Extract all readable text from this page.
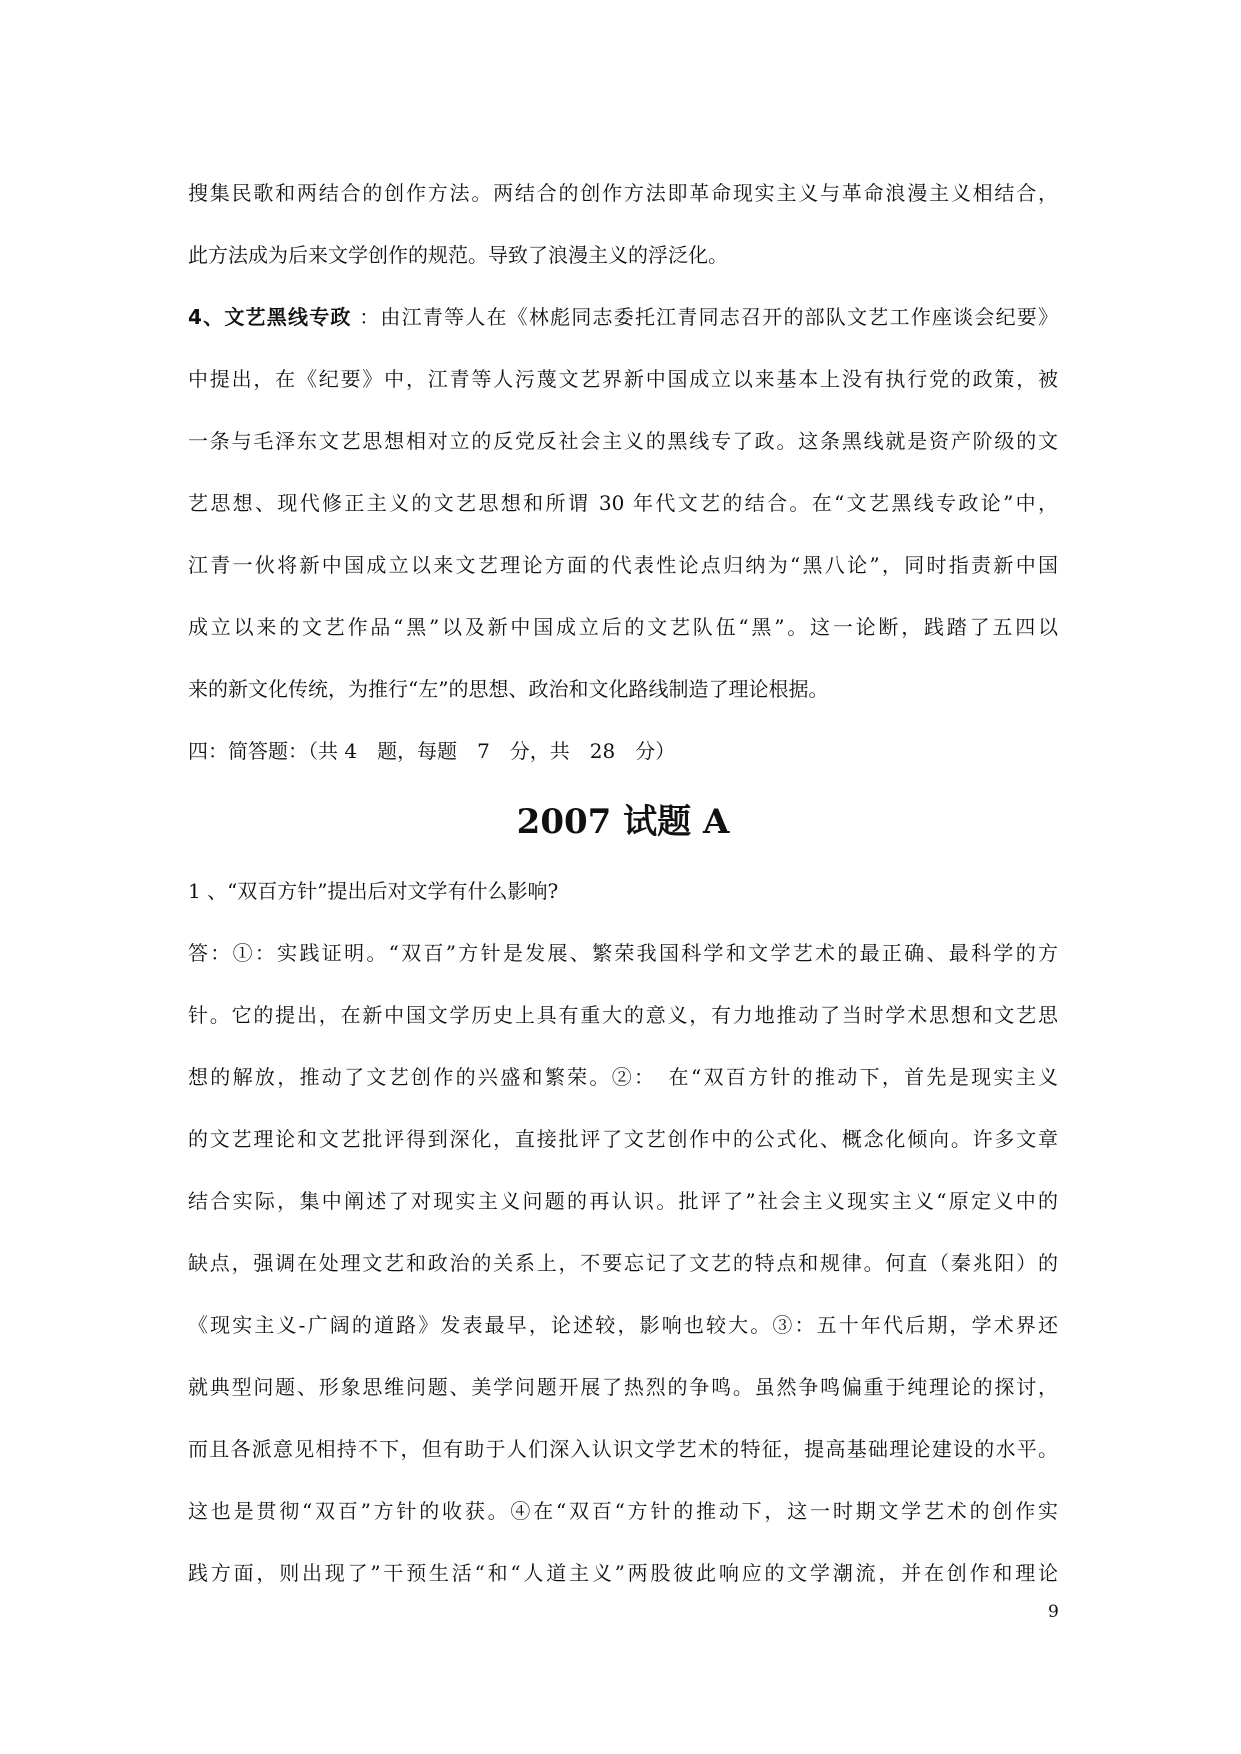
搜集民歌和两结合的创作方法。两结合的创作方法即革命现实主义与革命浪漫主义相结合，
此方法成为后来文学创作的规范。导致了浪漫主义的浮泛化。
4、文艺黑线专政 ：由江青等人在《林彪同志委托江青同志召开的部队文艺工作座谈会纪要》
中提出，在《纪要》中，江青等人污蔑文艺界新中国成立以来基本上没有执行党的政策，被
一条与毛泽东文艺思想相对立的反党反社会主义的黑线专了政。这条黑线就是资产阶级的文
艺思想、现代修正主义的文艺思想和所谓 30 年代文艺的结合。在“文艺黑线专政论”中，
江青一伙将新中国成立以来文艺理论方面的代表性论点归纳为“黑八论”，同时指责新中国
成立以来的文艺作品“黑”以及新中国成立后的文艺队伍“黑”。这一论断，践踏了五四以
来的新文化传统，为推行“左”的思想、政治和文化路线制造了理论根据。
四：简答题：（共 4　题，每题　7　分，共　28　分）
2007 试题 A
1 、“双百方针”提出后对文学有什么影响?
答：①：实践证明。“双百”方针是发展、繁荣我国科学和文学艺术的最正确、最科学的方
针。它的提出，在新中国文学历史上具有重大的意义，有力地推动了当时学术思想和文艺思
想的解放，推动了文艺创作的兴盛和繁荣。②：　在“双百方针的推动下，首先是现实主义
的文艺理论和文艺批评得到深化，直接批评了文艺创作中的公式化、概念化倾向。许多文章
结合实际，集中阐述了对现实主义问题的再认识。批评了”社会主义现实主义“原定义中的
缺点，强调在处理文艺和政治的关系上，不要忘记了文艺的特点和规律。何直（秦兆阳）的
《现实主义-广阔的道路》发表最早，论述较，影响也较大。③：五十年代后期，学术界还
就典型问题、形象思维问题、美学问题开展了热烈的争鸣。虽然争鸣偏重于纯理论的探讨，
而且各派意见相持不下，但有助于人们深入认识文学艺术的特征，提高基础理论建设的水平。
这也是贯彻“双百”方针的收获。④在“双百“方针的推动下，这一时期文学艺术的创作实
践方面，则出现了”干预生活“和“人道主义”两股彼此响应的文学潮流，并在创作和理论
9
